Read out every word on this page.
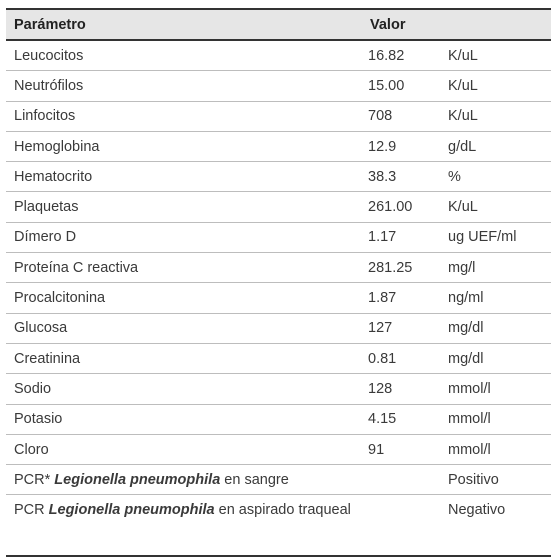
Parámetro	Valor	
Leucocitos	16.82	K/uL
Neutrófilos	15.00	K/uL
Linfocitos	708	K/uL
Hemoglobina	12.9	g/dL
Hematocrito	38.3	%
Plaquetas	261.00	K/uL
Dímero D	1.17	ug UEF/ml
Proteína C reactiva	281.25	mg/l
Procalcitonina	1.87	ng/ml
Glucosa	127	mg/dl
Creatinina	0.81	mg/dl
Sodio	128	mmol/l
Potasio	4.15	mmol/l
Cloro	91	mmol/l
PCR* Legionella pneumophila en sangre		Positivo
PCR Legionella pneumophila en aspirado traqueal		Negativo
